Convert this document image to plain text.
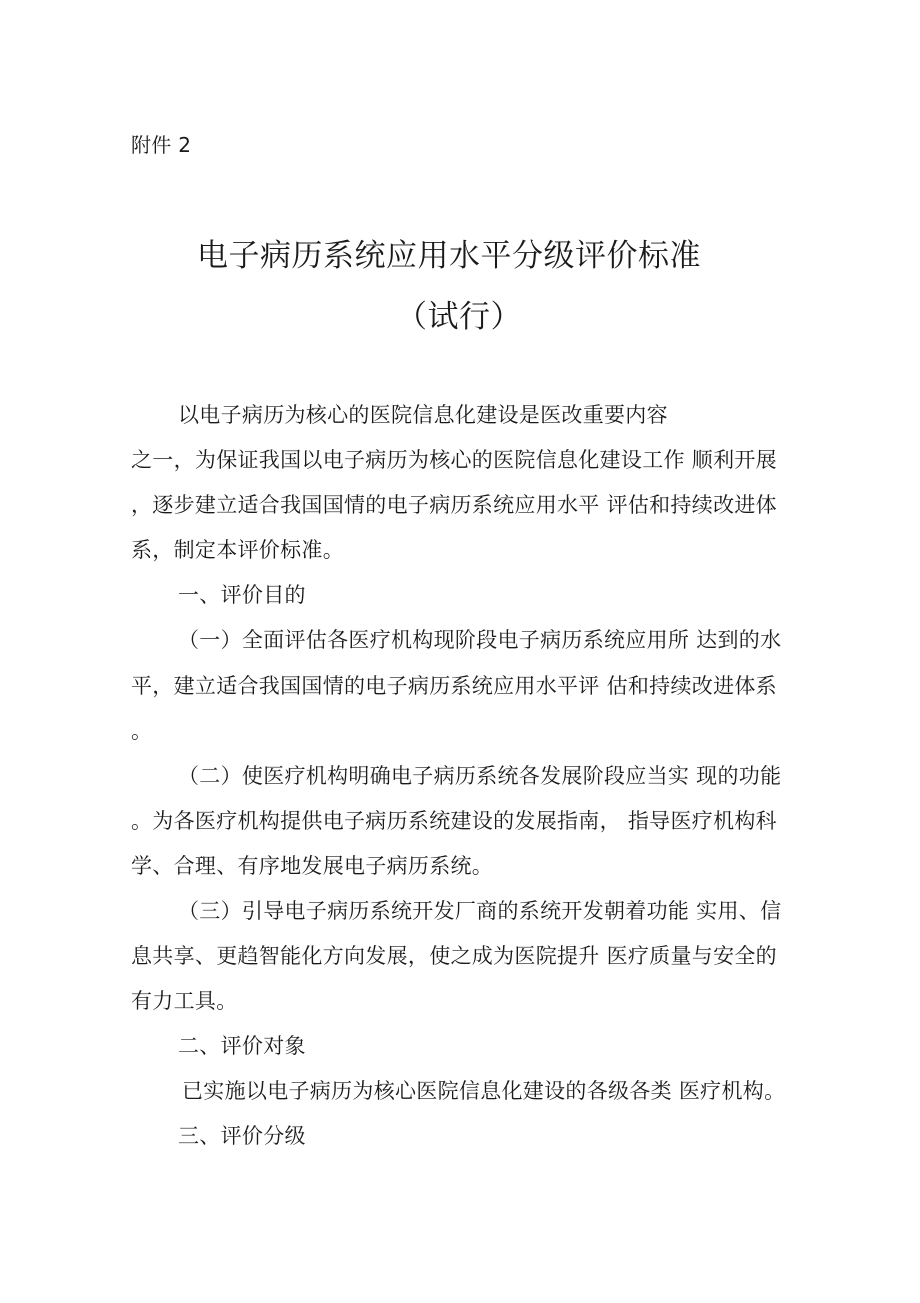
附件 2
电子病历系统应用水平分级评价标准
（试行）
以电子病历为核心的医院信息化建设是医改重要内容
之一，为保证我国以电子病历为核心的医院信息化建设工作 顺利开展
，逐步建立适合我国国情的电子病历系统应用水平 评估和持续改进体
系，制定本评价标准。
一、评价目的
（一）全面评估各医疗机构现阶段电子病历系统应用所 达到的水
平，建立适合我国国情的电子病历系统应用水平评 估和持续改进体系
。
（二）使医疗机构明确电子病历系统各发展阶段应当实 现的功能
。为各医疗机构提供电子病历系统建设的发展指南， 指导医疗机构科
学、合理、有序地发展电子病历系统。
（三）引导电子病历系统开发厂商的系统开发朝着功能 实用、信
息共享、更趋智能化方向发展，使之成为医院提升 医疗质量与安全的
有力工具。
二、评价对象
已实施以电子病历为核心医院信息化建设的各级各类 医疗机构。
三、评价分级
